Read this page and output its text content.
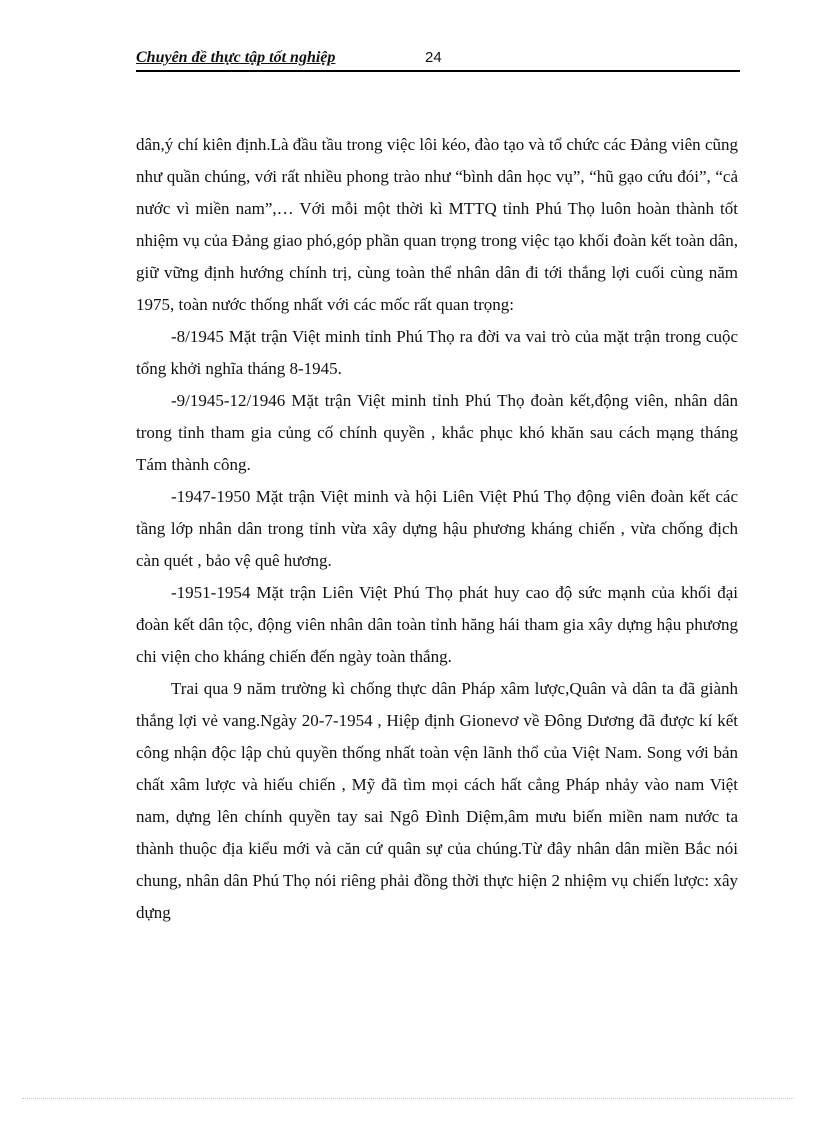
Chuyên đề thực tập tốt nghiệp	24

dân,ý chí kiên định.Là đầu tầu trong việc lôi kéo, đào tạo và tổ chức các Đảng viên cũng như quần chúng, với rất nhiều phong trào như “bình dân học vụ”, “hũ gạo cứu đói”, “cả nước vì miền nam”,… Với mỗi một thời kì MTTQ tỉnh Phú Thọ luôn hoàn thành tốt nhiệm vụ của Đảng giao phó,góp phần quan trọng trong việc tạo khối đoàn kết toàn dân, giữ vững định hướng chính trị, cùng toàn thể nhân dân đi tới thắng lợi cuối cùng năm 1975, toàn nước thống nhất với các mốc rất quan trọng:

-8/1945 Mặt trận Việt minh tỉnh Phú Thọ ra đời va vai trò của mặt trận trong cuộc tổng khởi nghĩa tháng 8-1945.

-9/1945-12/1946 Mặt trận Việt minh tỉnh Phú Thọ đoàn kết,động viên, nhân dân trong tỉnh tham gia củng cố chính quyền , khắc phục khó khăn sau cách mạng tháng Tám thành công.

-1947-1950 Mặt trận Việt minh và hội Liên Việt Phú Thọ động viên đoàn kết các tầng lớp nhân dân trong tỉnh vừa xây dựng hậu phương kháng chiến , vừa chống địch càn quét , bảo vệ quê hương.

-1951-1954 Mặt trận Liên Việt Phú Thọ phát huy cao độ sức mạnh của khối đại đoàn kết dân tộc, động viên nhân dân toàn tỉnh hăng hái tham gia xây dựng hậu phương chi viện cho kháng chiến đến ngày toàn thắng.

Trai qua 9 năm trường kì chống thực dân Pháp xâm lược,Quân và dân ta đã giành thắng lợi vẻ vang.Ngày 20-7-1954 , Hiệp định Gionevơ về Đông Dương đã được kí kết công nhận độc lập chủ quyền thống nhất toàn vện lãnh thổ của Việt Nam. Song với bản chất xâm lược và hiếu chiến , Mỹ đã tìm mọi cách hất cẳng Pháp nhảy vào nam Việt nam, dựng lên chính quyền tay sai Ngô Đình Diệm,âm mưu biến miền nam nước ta thành thuộc địa kiểu mới và căn cứ quân sự của chúng.Từ đây nhân dân miền Bắc nói chung, nhân dân Phú Thọ nói riêng phải đồng thời thực hiện 2 nhiệm vụ chiến lược: xây dựng
